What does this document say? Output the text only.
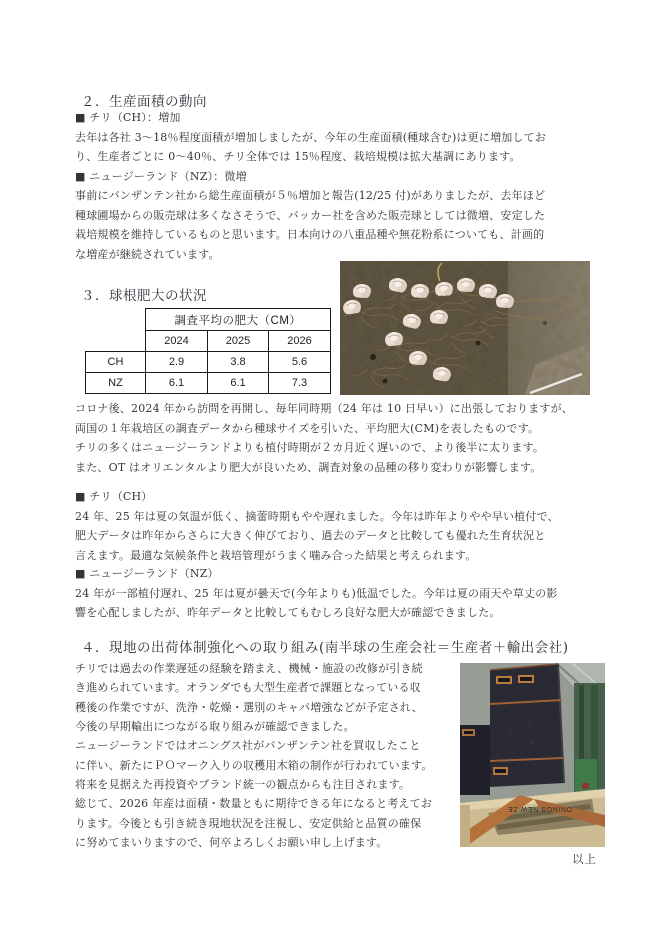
２．生産面積の動向
■ チリ（CH）：増加
去年は各社 3～18％程度面積が増加しましたが、今年の生産面積(種球含む)は更に増加してお
り、生産者ごとに 0～40％、チリ全体では 15％程度、栽培規模は拡大基調にあります。
■ ニュージーランド（NZ）：微増
事前にバンザンテン社から総生産面積が５％増加と報告(12/25 付)がありましたが、去年ほど
種球圃場からの販売球は多くなさそうで、バッカー社を含めた販売球としては微増、安定した
栽培規模を維持しているものと思います。日本向けの八重品種や無花粉系についても、計画的
な増産が継続されています。
３．球根肥大の状況
	調査平均の肥大（CM）		
	2024	2025	2026
CH	2.9	3.8	5.6
NZ	6.1	6.1	7.3
コロナ後、2024 年から訪問を再開し、毎年同時期（24 年は 10 日早い）に出張しておりますが、
両国の１年栽培区の調査データから種球サイズを引いた、平均肥大(CM)を表したものです。
チリの多くはニュージーランドよりも植付時期が２カ月近く遅いので、より後半に太ります。
また、OT はオリエンタルより肥大が良いため、調査対象の品種の移り変わりが影響します。
■ チリ（CH）
24 年、25 年は夏の気温が低く、摘蕾時期もやや遅れました。今年は昨年よりやや早い植付で、
肥大データは昨年からさらに大きく伸びており、過去のデータと比較しても優れた生育状況と
言えます。最適な気候条件と栽培管理がうまく噛み合った結果と考えられます。
■ ニュージーランド（NZ）
24 年が一部植付遅れ、25 年は夏が曇天で(今年よりも)低温でした。今年は夏の雨天や草丈の影
響を心配しましたが、昨年データと比較してもむしろ良好な肥大が確認できました。
４．現地の出荷体制強化への取り組み(南半球の生産会社＝生産者＋輸出会社)
チリでは過去の作業遅延の経験を踏まえ、機械・施設の改修が引き続
き進められています。オランダでも大型生産者で課題となっている収
穫後の作業ですが、洗浄・乾燥・選別のキャパ増強などが予定され、
今後の早期輸出につながる取り組みが確認できました。
ニュージーランドではオニングス社がバンザンテン社を買収したこと
に伴い、新たにＰＯマーク入りの収穫用木箱の制作が行われています。
将来を見据えた再投資やブランド統一の観点からも注目されます。
総じて、2026 年産は面積・数量ともに期待できる年になると考えてお
ります。今後とも引き続き現地状況を注視し、安定供給と品質の確保
に努めてまいりますので、何卒よろしくお願い申し上げます。
ONINGS NEW ZE
以上
